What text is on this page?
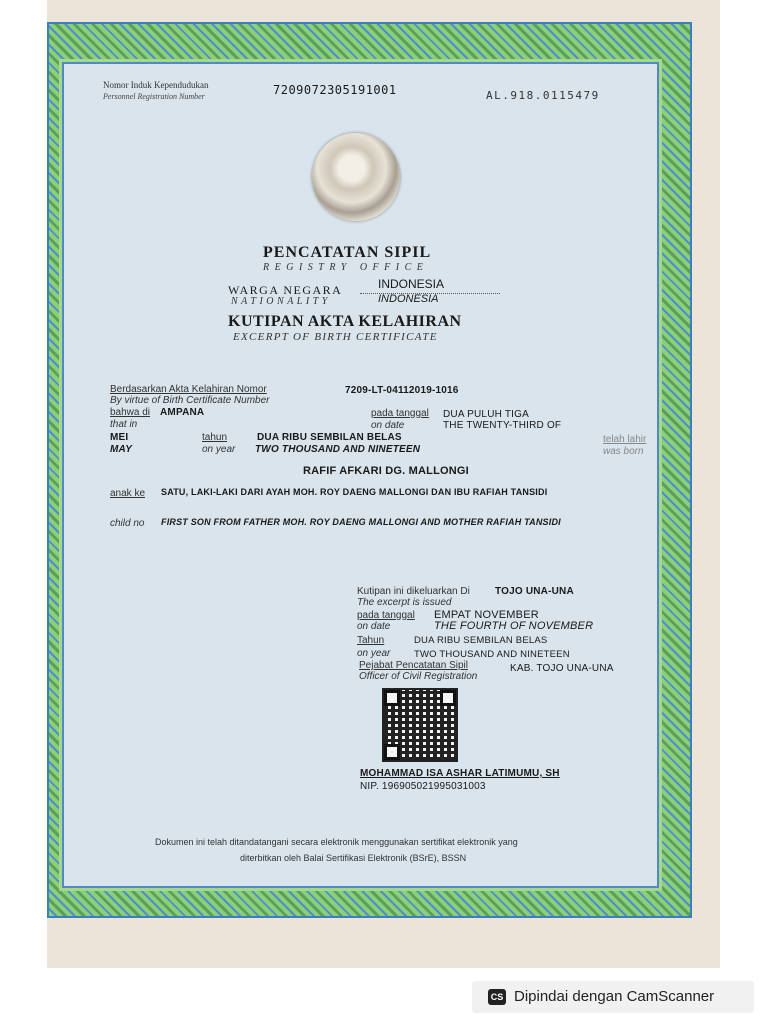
Nomor Induk Kependudukan
Personnel Registration Number	7209072305191001	AL.918.0115479
PENCATATAN SIPIL
REGISTRY OFFICE
WARGA NEGARA
NATIONALITY
INDONESIA
INDONESIA
KUTIPAN AKTA KELAHIRAN
EXCERPT OF BIRTH CERTIFICATE
Berdasarkan Akta Kelahiran Nomor
By virtue of Birth Certificate Number
7209-LT-04112019-1016
bahwa di AMPANA
that in
pada tanggal
on date
DUA PULUH TIGA
THE TWENTY-THIRD OF
MEI
MAY
tahun
on year
DUA RIBU SEMBILAN BELAS
TWO THOUSAND AND NINETEEN
telah lahir
was born
RAFIF AFKARI DG. MALLONGI
anak ke SATU, LAKI-LAKI DARI AYAH MOH. ROY DAENG MALLONGI DAN IBU RAFIAH TANSIDI
child no FIRST SON FROM FATHER MOH. ROY DAENG MALLONGI AND MOTHER RAFIAH TANSIDI
Kutipan ini dikeluarkan Di
The excerpt is issued
TOJO UNA-UNA
pada tanggal
on date
EMPAT NOVEMBER
THE FOURTH OF NOVEMBER
Tahun
on year
DUA RIBU SEMBILAN BELAS
TWO THOUSAND AND NINETEEN
Pejabat Pencatatan Sipil
Officer of Civil Registration
KAB. TOJO UNA-UNA
MOHAMMAD ISA ASHAR LATIMUMU, SH
NIP. 196905021995031003
Dokumen ini telah ditandatangani secara elektronik menggunakan sertifikat elektronik yang
diterbitkan oleh Balai Sertifikasi Elektronik (BSrE), BSSN
CS Dipindai dengan CamScanner
